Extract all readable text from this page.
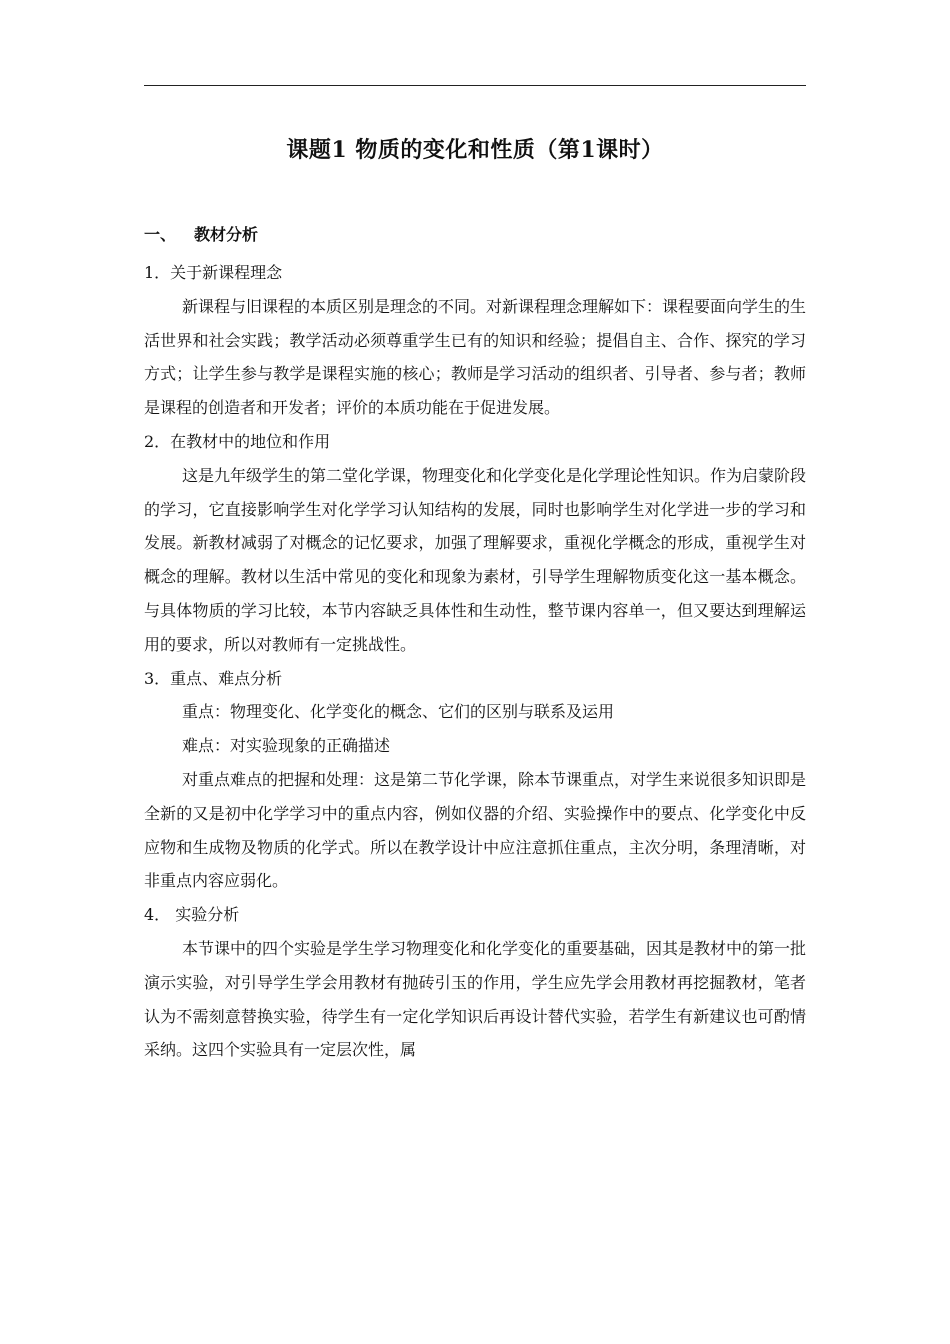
课题1 物质的变化和性质（第1课时）
一、 教材分析

1．关于新课程理念

新课程与旧课程的本质区别是理念的不同。对新课程理念理解如下：课程要面向学生的生活世界和社会实践；教学活动必须尊重学生已有的知识和经验；提倡自主、合作、探究的学习方式；让学生参与教学是课程实施的核心；教师是学习活动的组织者、引导者、参与者；教师是课程的创造者和开发者；评价的本质功能在于促进发展。

2．在教材中的地位和作用

这是九年级学生的第二堂化学课，物理变化和化学变化是化学理论性知识。作为启蒙阶段的学习，它直接影响学生对化学学习认知结构的发展，同时也影响学生对化学进一步的学习和发展。新教材减弱了对概念的记忆要求，加强了理解要求，重视化学概念的形成，重视学生对概念的理解。教材以生活中常见的变化和现象为素材，引导学生理解物质变化这一基本概念。与具体物质的学习比较，本节内容缺乏具体性和生动性，整节课内容单一，但又要达到理解运用的要求，所以对教师有一定挑战性。

3．重点、难点分析

重点：物理变化、化学变化的概念、它们的区别与联系及运用

难点：对实验现象的正确描述

对重点难点的把握和处理：这是第二节化学课，除本节课重点，对学生来说很多知识即是全新的又是初中化学学习中的重点内容，例如仪器的介绍、实验操作中的要点、化学变化中反应物和生成物及物质的化学式。所以在教学设计中应注意抓住重点，主次分明，条理清晰，对非重点内容应弱化。

4． 实验分析

本节课中的四个实验是学生学习物理变化和化学变化的重要基础，因其是教材中的第一批演示实验，对引导学生学会用教材有抛砖引玉的作用，学生应先学会用教材再挖掘教材，笔者认为不需刻意替换实验，待学生有一定化学知识后再设计替代实验，若学生有新建议也可酌情采纳。这四个实验具有一定层次性，属
